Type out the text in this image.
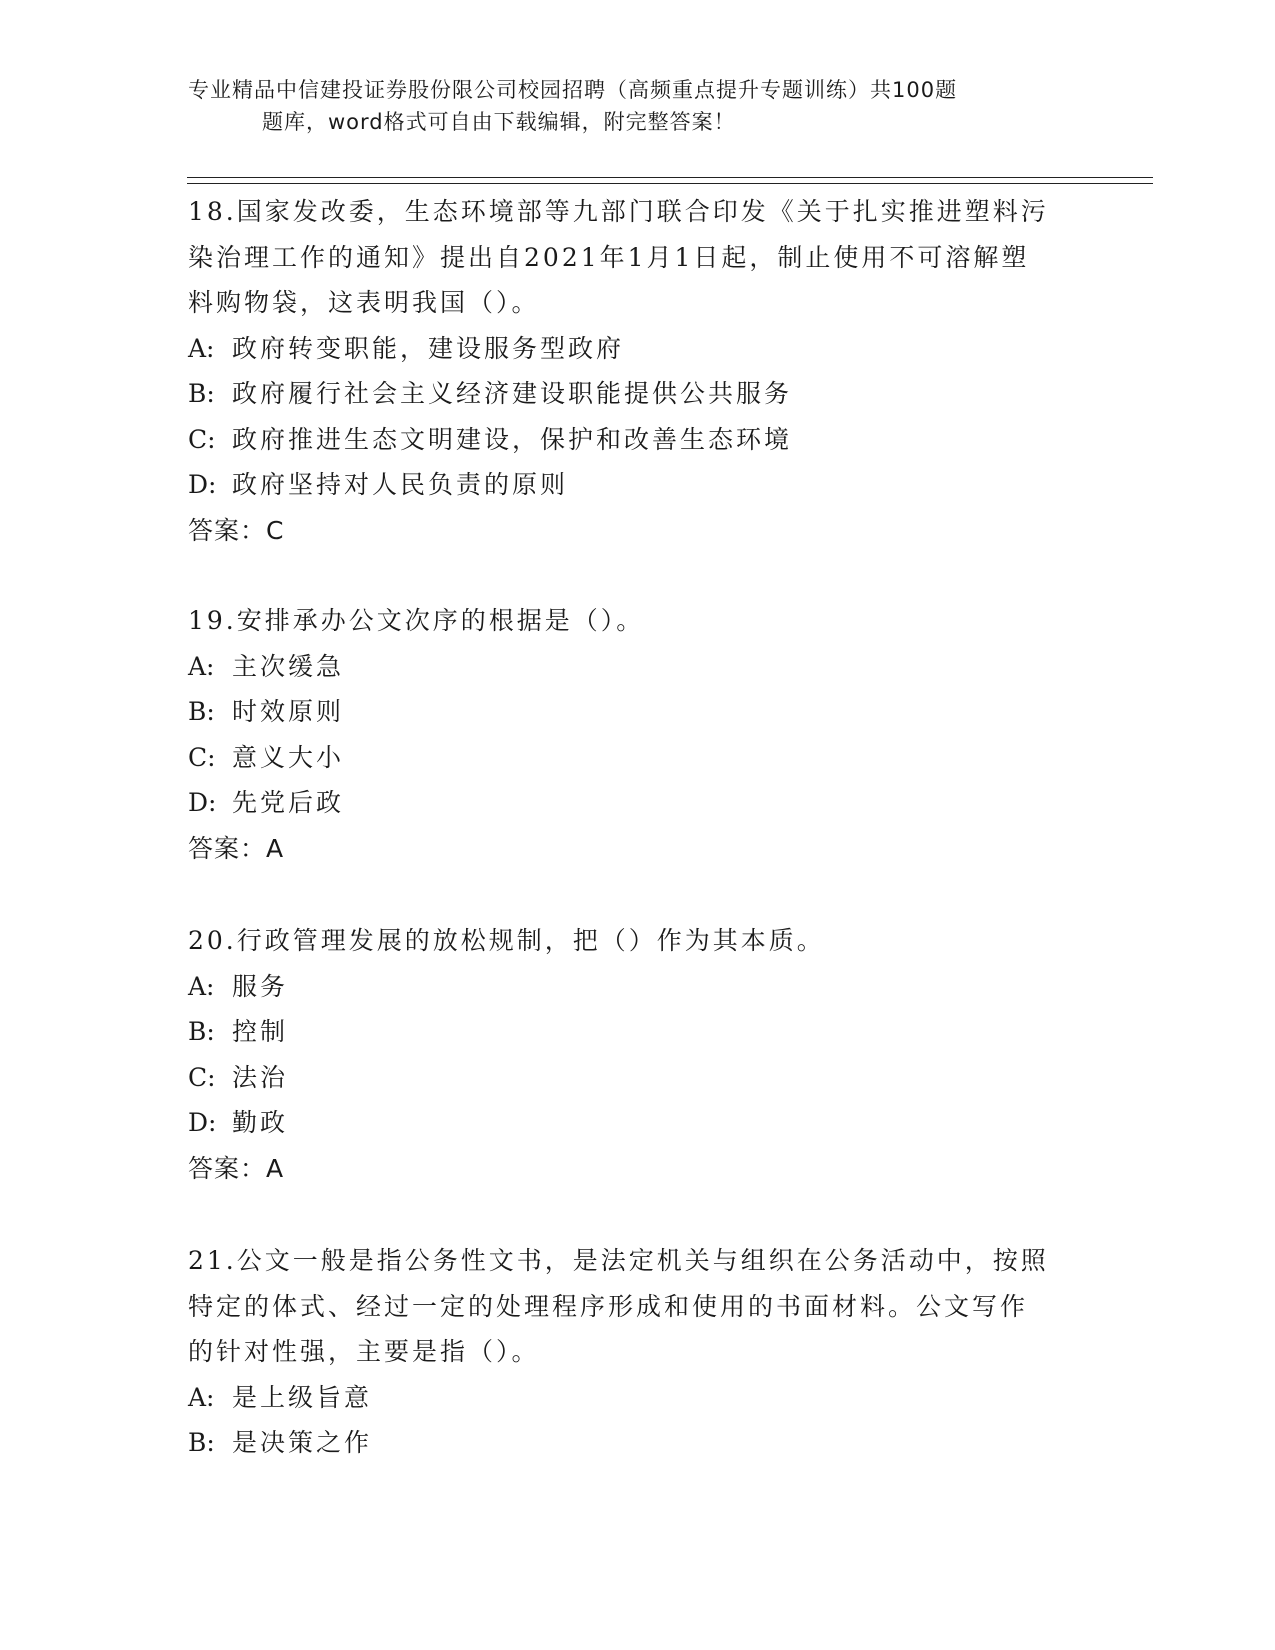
专业精品中信建投证券股份限公司校园招聘（高频重点提升专题训练）共100题
题库，word格式可自由下载编辑，附完整答案！

18.国家发改委，生态环境部等九部门联合印发《关于扎实推进塑料污

染治理工作的通知》提出自2021年1月1日起，制止使用不可溶解塑

料购物袋，这表明我国（）。

A: 政府转变职能，建设服务型政府

B: 政府履行社会主义经济建设职能提供公共服务

C: 政府推进生态文明建设，保护和改善生态环境

D: 政府坚持对人民负责的原则

答案：C

19.安排承办公文次序的根据是（）。

A: 主次缓急

B: 时效原则

C: 意义大小

D: 先党后政

答案：A

20.行政管理发展的放松规制，把（）作为其本质。

A: 服务

B: 控制

C: 法治

D: 勤政

答案：A

21.公文一般是指公务性文书，是法定机关与组织在公务活动中，按照

特定的体式、经过一定的处理程序形成和使用的书面材料。公文写作

的针对性强，主要是指（）。

A: 是上级旨意

B: 是决策之作
